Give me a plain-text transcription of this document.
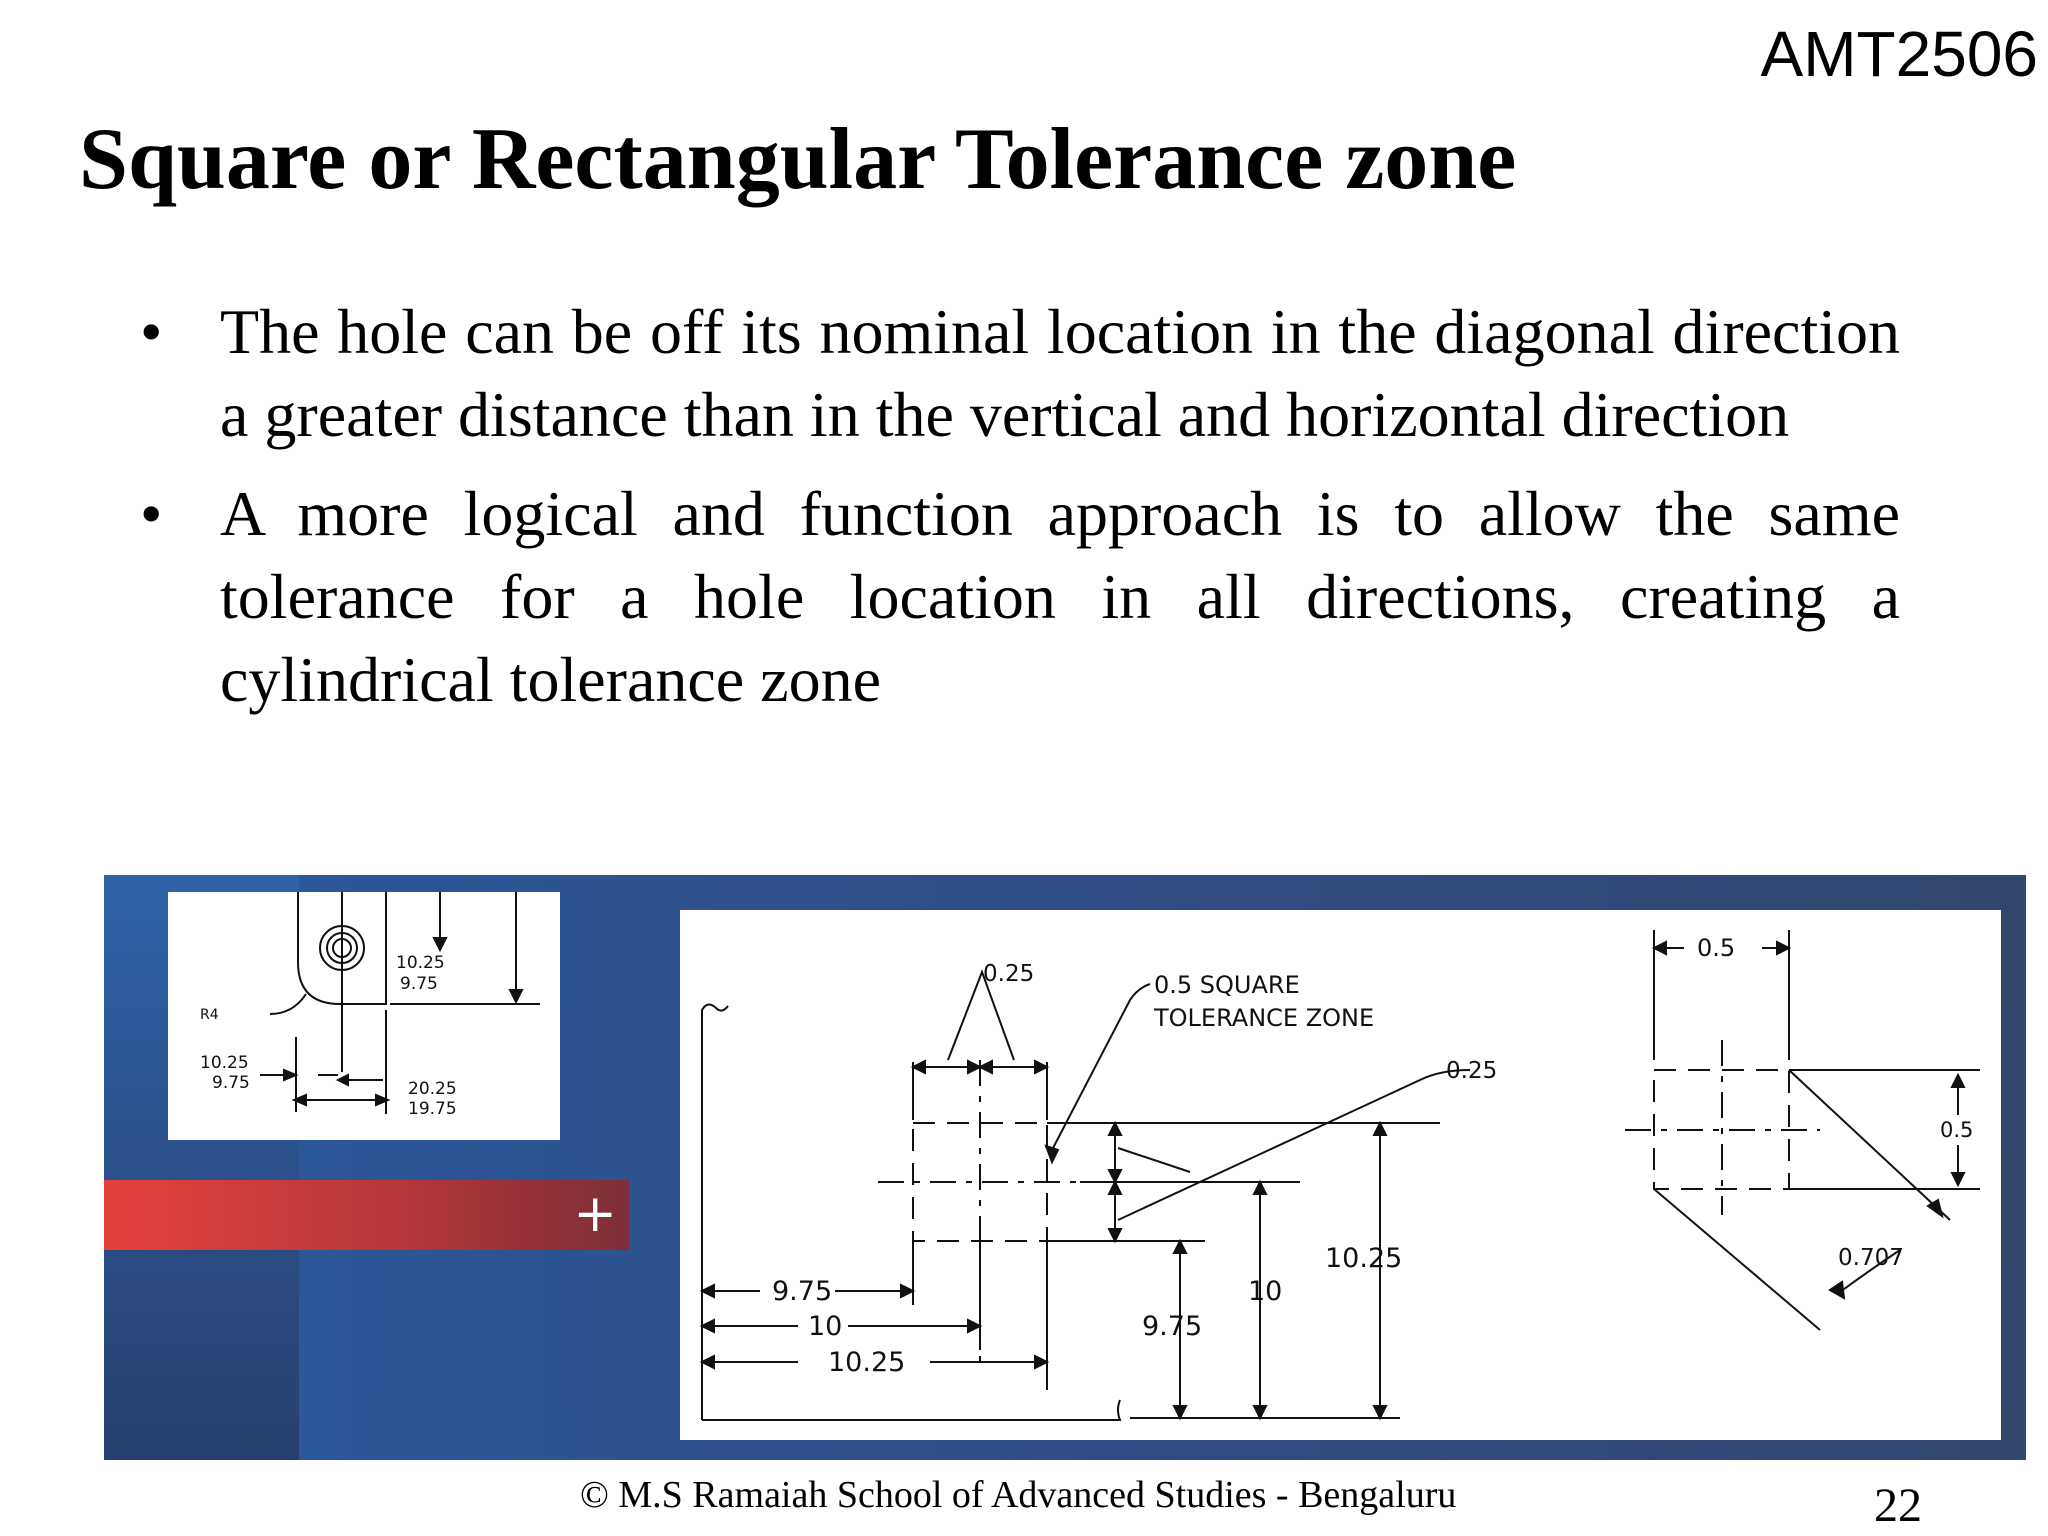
AMT2506
Square or Rectangular Tolerance zone
• The hole can be off its nominal location in the diagonal direction a greater distance than in the vertical and horizontal direction
• A more logical and function approach is to allow the same tolerance for a hole location in all directions, creating a cylindrical tolerance zone
+
10.25
9.75
R4
10.25
9.75	20.25
19.75
0.25	0.5 SQUARE
TOLERANCE ZONE
0.25
9.75
10
10.25
9.75
10
10.25
0.5
0.5
0.707
© M.S Ramaiah School of Advanced Studies - Bengaluru	22
